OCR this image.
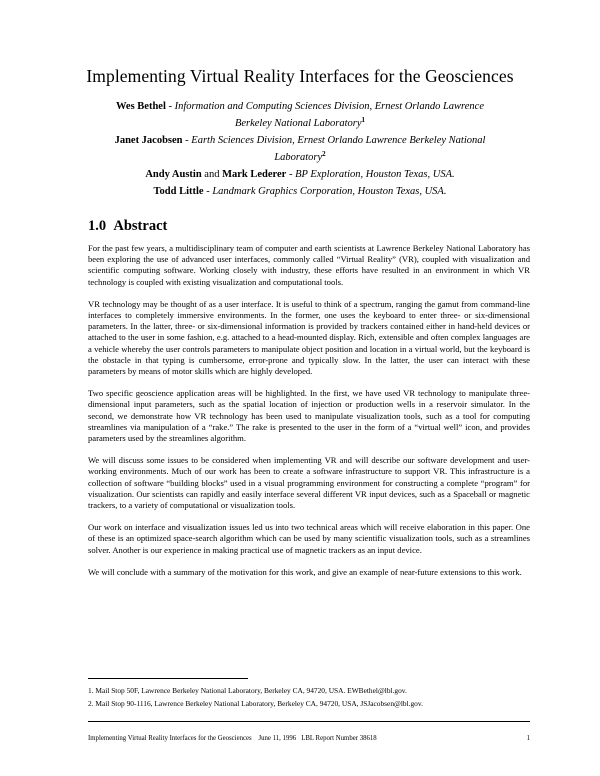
Implementing Virtual Reality Interfaces for the Geosciences
Wes Bethel - Information and Computing Sciences Division, Ernest Orlando Lawrence Berkeley National Laboratory$^1$
Janet Jacobsen - Earth Sciences Division, Ernest Orlando Lawrence Berkeley National Laboratory$^2$
Andy Austin and Mark Lederer - BP Exploration, Houston Texas, USA.
Todd Little - Landmark Graphics Corporation, Houston Texas, USA.
1.0 Abstract

For the past few years, a multidisciplinary team of computer and earth scientists at Lawrence Berkeley National Laboratory has been exploring the use of advanced user interfaces, commonly called “Virtual Reality” (VR), coupled with visualization and scientific computing software. Working closely with industry, these efforts have resulted in an environment in which VR technology is coupled with existing visualization and computational tools.

VR technology may be thought of as a user interface. It is useful to think of a spectrum, ranging the gamut from command-line interfaces to completely immersive environments. In the former, one uses the keyboard to enter three- or six-dimensional parameters. In the latter, three- or six-dimensional information is provided by trackers contained either in hand-held devices or attached to the user in some fashion, e.g. attached to a head-mounted display. Rich, extensible and often complex languages are a vehicle whereby the user controls parameters to manipulate object position and location in a virtual world, but the keyboard is the obstacle in that typing is cumbersome, error-prone and typically slow. In the latter, the user can interact with these parameters by means of motor skills which are highly developed.

Two specific geoscience application areas will be highlighted. In the first, we have used VR technology to manipulate three-dimensional input parameters, such as the spatial location of injection or production wells in a reservoir simulator. In the second, we demonstrate how VR technology has been used to manipulate visualization tools, such as a tool for computing streamlines via manipulation of a “rake.” The rake is presented to the user in the form of a “virtual well” icon, and provides parameters used by the streamlines algorithm.

We will discuss some issues to be considered when implementing VR and will describe our software development and user-working environments. Much of our work has been to create a software infrastructure to support VR. This infrastructure is a collection of software “building blocks” used in a visual programming environment for constructing a complete “program” for visualization. Our scientists can rapidly and easily interface several different VR input devices, such as a Spaceball or magnetic trackers, to a variety of computational or visualization tools.

Our work on interface and visualization issues led us into two technical areas which will receive elaboration in this paper. One of these is an optimized space-search algorithm which can be used by many scientific visualization tools, such as a streamlines solver. Another is our experience in making practical use of magnetic trackers as an input device.

We will conclude with a summary of the motivation for this work, and give an example of near-future extensions to this work.

1. Mail Stop 50F, Lawrence Berkeley National Laboratory, Berkeley CA, 94720, USA. EWBethel@lbl.gov.
2. Mail Stop 90-1116, Lawrence Berkeley National Laboratory, Berkeley CA, 94720, USA, JSJacobsen@lbl.gov.
Implementing Virtual Reality Interfaces for the Geosciences    June 11, 1996   LBL Report Number 38618	1
